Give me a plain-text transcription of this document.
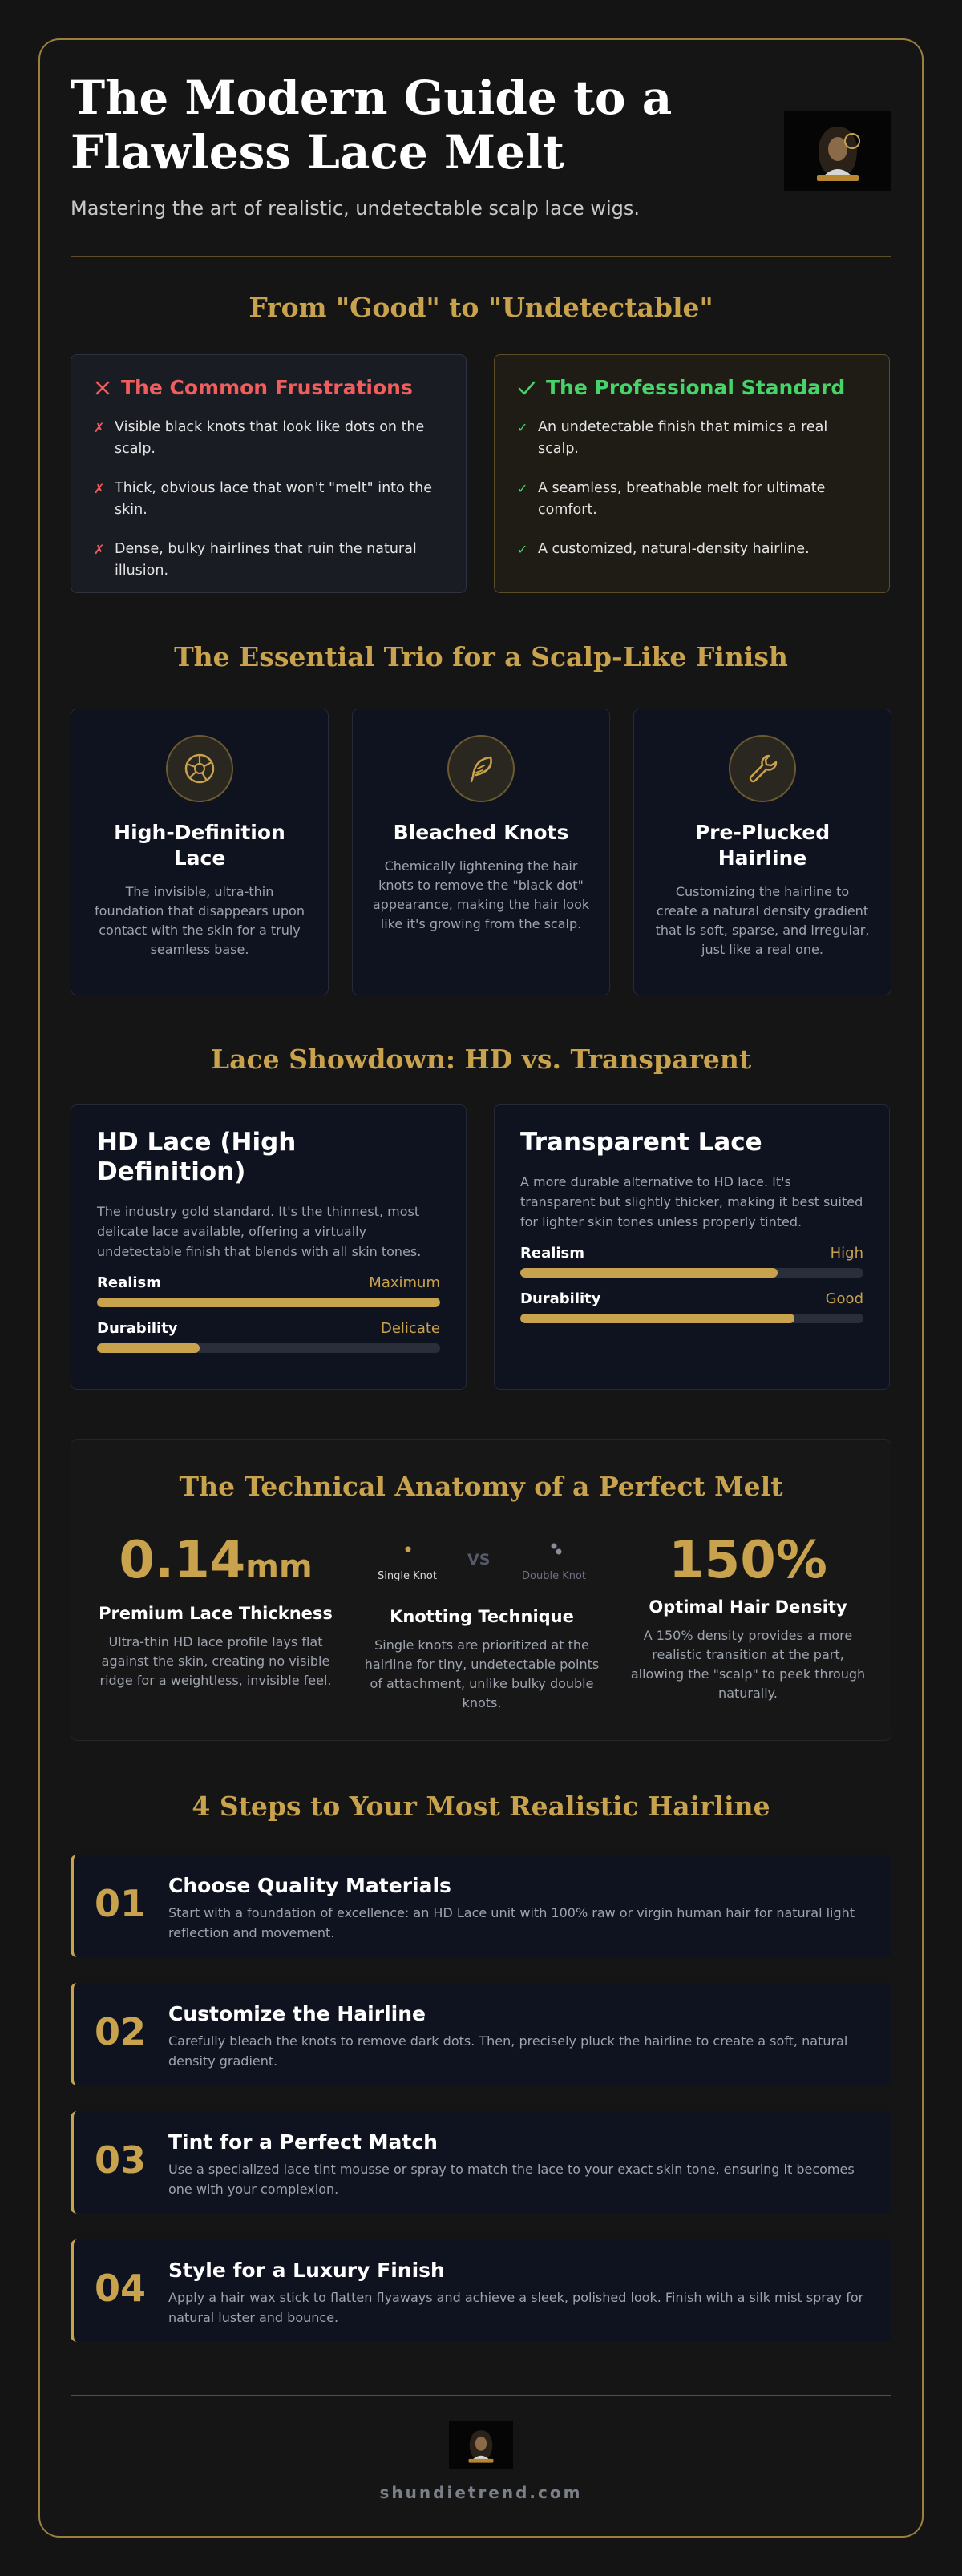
The Modern Guide to a
Flawless Lace Melt

Mastering the art of realistic, undetectable scalp lace wigs.

From "Good" to "Undetectable"
The Common Frustrations
✗ Visible black knots that look like dots on the scalp.
✗ Thick, obvious lace that won't "melt" into the skin.
✗ Dense, bulky hairlines that ruin the natural illusion.
The Professional Standard
✓ An undetectable finish that mimics a real scalp.
✓ A seamless, breathable melt for ultimate comfort.
✓ A customized, natural-density hairline.
The Essential Trio for a Scalp-Like Finish
High-Definition Lace
The invisible, ultra-thin foundation that disappears upon contact with the skin for a truly seamless base.
Bleached Knots
Chemically lightening the hair knots to remove the "black dot" appearance, making the hair look like it's growing from the scalp.
Pre-Plucked Hairline
Customizing the hairline to create a natural density gradient that is soft, sparse, and irregular, just like a real one.
Lace Showdown: HD vs. Transparent
HD Lace (High Definition)
The industry gold standard. It's the thinnest, most delicate lace available, offering a virtually undetectable finish that blends with all skin tones.
Realism	Maximum
Durability	Delicate
Transparent Lace
A more durable alternative to HD lace. It's transparent but slightly thicker, making it best suited for lighter skin tones unless properly tinted.
Realism	High
Durability	Good
The Technical Anatomy of a Perfect Melt
0.14mm
Premium Lace Thickness
Ultra-thin HD lace profile lays flat against the skin, creating no visible ridge for a weightless, invisible feel.
Single Knot
VS
Double Knot
Knotting Technique
Single knots are prioritized at the hairline for tiny, undetectable points of attachment, unlike bulky double knots.
150%
Optimal Hair Density
A 150% density provides a more realistic transition at the part, allowing the "scalp" to peek through naturally.
4 Steps to Your Most Realistic Hairline
01 Choose Quality Materials
Start with a foundation of excellence: an HD Lace unit with 100% raw or virgin human hair for natural light reflection and movement.
02 Customize the Hairline
Carefully bleach the knots to remove dark dots. Then, precisely pluck the hairline to create a soft, natural density gradient.
03 Tint for a Perfect Match
Use a specialized lace tint mousse or spray to match the lace to your exact skin tone, ensuring it becomes one with your complexion.
04 Style for a Luxury Finish
Apply a hair wax stick to flatten flyaways and achieve a sleek, polished look. Finish with a silk mist spray for natural luster and bounce.
shundietrend.com
